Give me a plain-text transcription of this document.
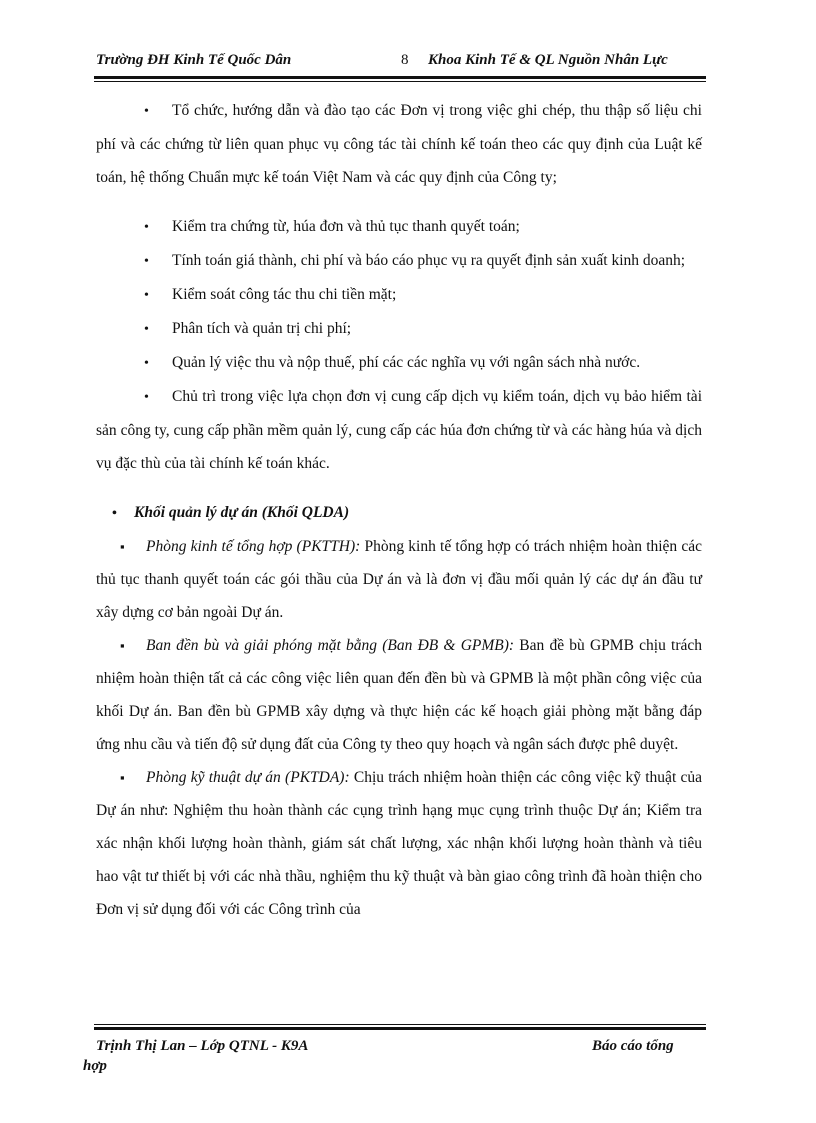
Trường ĐH Kinh Tế Quốc Dân	8 Khoa Kinh Tế & QL Nguồn Nhân Lực

•Tổ chức, hướng dẫn và đào tạo các Đơn vị trong việc ghi chép, thu thập số liệu chi phí và các chứng từ liên quan phục vụ công tác tài chính kế toán theo các quy định của Luật kế toán, hệ thống Chuẩn mực kế toán Việt Nam và các quy định của Công ty;

•Kiểm tra chứng từ, húa đơn và thủ tục thanh quyết toán;

•Tính toán giá thành, chi phí và báo cáo phục vụ ra quyết định sản xuất kinh doanh;

•Kiểm soát công tác thu chi tiền mặt;

•Phân tích và quản trị chi phí;

•Quản lý việc thu và nộp thuế, phí các các nghĩa vụ với ngân sách nhà nước.

•Chủ trì trong việc lựa chọn đơn vị cung cấp dịch vụ kiểm toán, dịch vụ bảo hiểm tài sản công ty, cung cấp phần mềm quản lý, cung cấp các húa đơn chứng từ và các hàng húa và dịch vụ đặc thù của tài chính kế toán khác.

•Khối quản lý dự án (Khối QLDA)

▪Phòng kinh tế tổng hợp (PKTTH): Phòng kinh tế tổng hợp có trách nhiệm hoàn thiện các thủ tục thanh quyết toán các gói thầu của Dự án và là đơn vị đầu mối quản lý các dự án đầu tư xây dựng cơ bản ngoài Dự án.

▪Ban đền bù và giải phóng mặt bằng (Ban ĐB & GPMB): Ban đề bù GPMB chịu trách nhiệm hoàn thiện tất cả các công việc liên quan đến đền bù và GPMB là một phần công việc của khối Dự án. Ban đền bù GPMB xây dựng và thực hiện các kế hoạch giải phòng mặt bằng đáp ứng nhu cầu và tiến độ sử dụng đất của Công ty theo quy hoạch và ngân sách được phê duyệt.

▪Phòng kỹ thuật dự án (PKTDA): Chịu trách nhiệm hoàn thiện các công việc kỹ thuật của Dự án như: Nghiệm thu hoàn thành các cụng trình hạng mục cụng trình thuộc Dự án; Kiểm tra xác nhận khối lượng hoàn thành, giám sát chất lượng, xác nhận khối lượng hoàn thành và tiêu hao vật tư thiết bị với các nhà thầu, nghiệm thu kỹ thuật và bàn giao công trình đã hoàn thiện cho Đơn vị sử dụng đối với các Công trình của

Trịnh Thị Lan – Lớp QTNL - K9A	Báo cáo tổng
hợp
